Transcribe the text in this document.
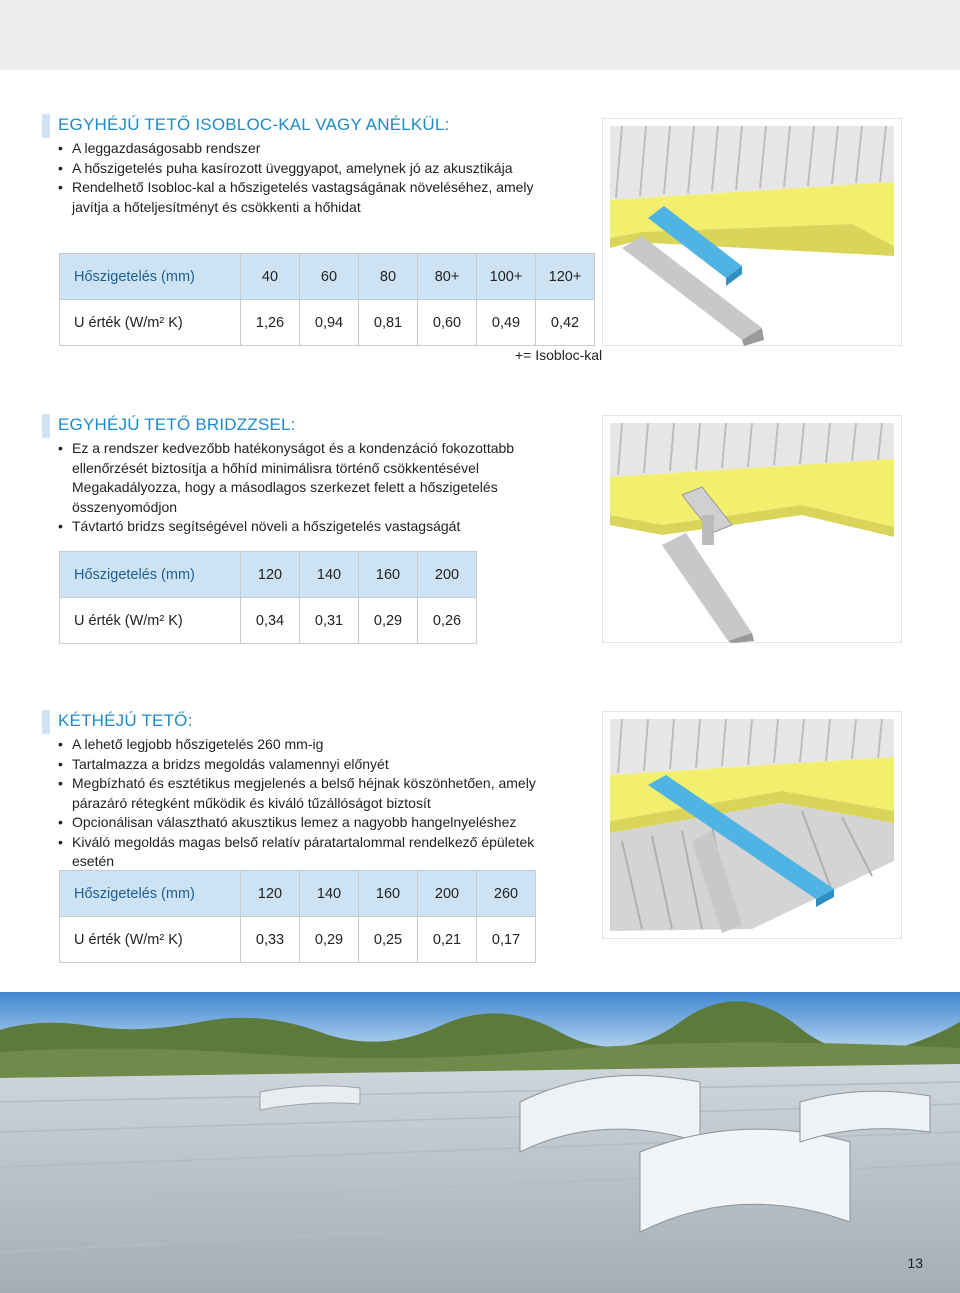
EGYHÉJÚ TETŐ ISOBLOC-KAL VAGY ANÉLKÜL:
• A leggazdaságosabb rendszer
• A hőszigetelés puha kasírozott üveggyapot, amelynek jó az akusztikája
• Rendelhető Isobloc-kal a hőszigetelés vastagságának növeléséhez, amely javítja a hőteljesítményt és csökkenti a hőhidat
Hőszigetelés (mm)	40	60	80	80+	100+	120+
U érték (W/m² K)	1,26	0,94	0,81	0,60	0,49	0,42
+= Isobloc-kal
EGYHÉJÚ TETŐ BRIDZZSEL:
• Ez a rendszer kedvezőbb hatékonyságot és a kondenzáció fokozottabb ellenőrzését biztosítja a hőhíd minimálisra történő csökkentésével Megakadályozza, hogy a másodlagos szerkezet felett a hőszigetelés összenyomódjon
• Távtartó bridzs segítségével növeli a hőszigetelés vastagságát
Hőszigetelés (mm)	120	140	160	200
U érték (W/m² K)	0,34	0,31	0,29	0,26
KÉTHÉJÚ TETŐ:
• A lehető legjobb hőszigetelés 260 mm-ig
• Tartalmazza a bridzs megoldás valamennyi előnyét
• Megbízható és esztétikus megjelenés a belső héjnak köszönhetően, amely párazáró rétegként működik és kiváló tűzállóságot biztosít
• Opcionálisan választható akusztikus lemez a nagyobb hangelnyeléshez
• Kiváló megoldás magas belső relatív páratartalommal rendelkező épületek esetén
Hőszigetelés (mm)	120	140	160	200	260
U érték (W/m² K)	0,33	0,29	0,25	0,21	0,17
13
